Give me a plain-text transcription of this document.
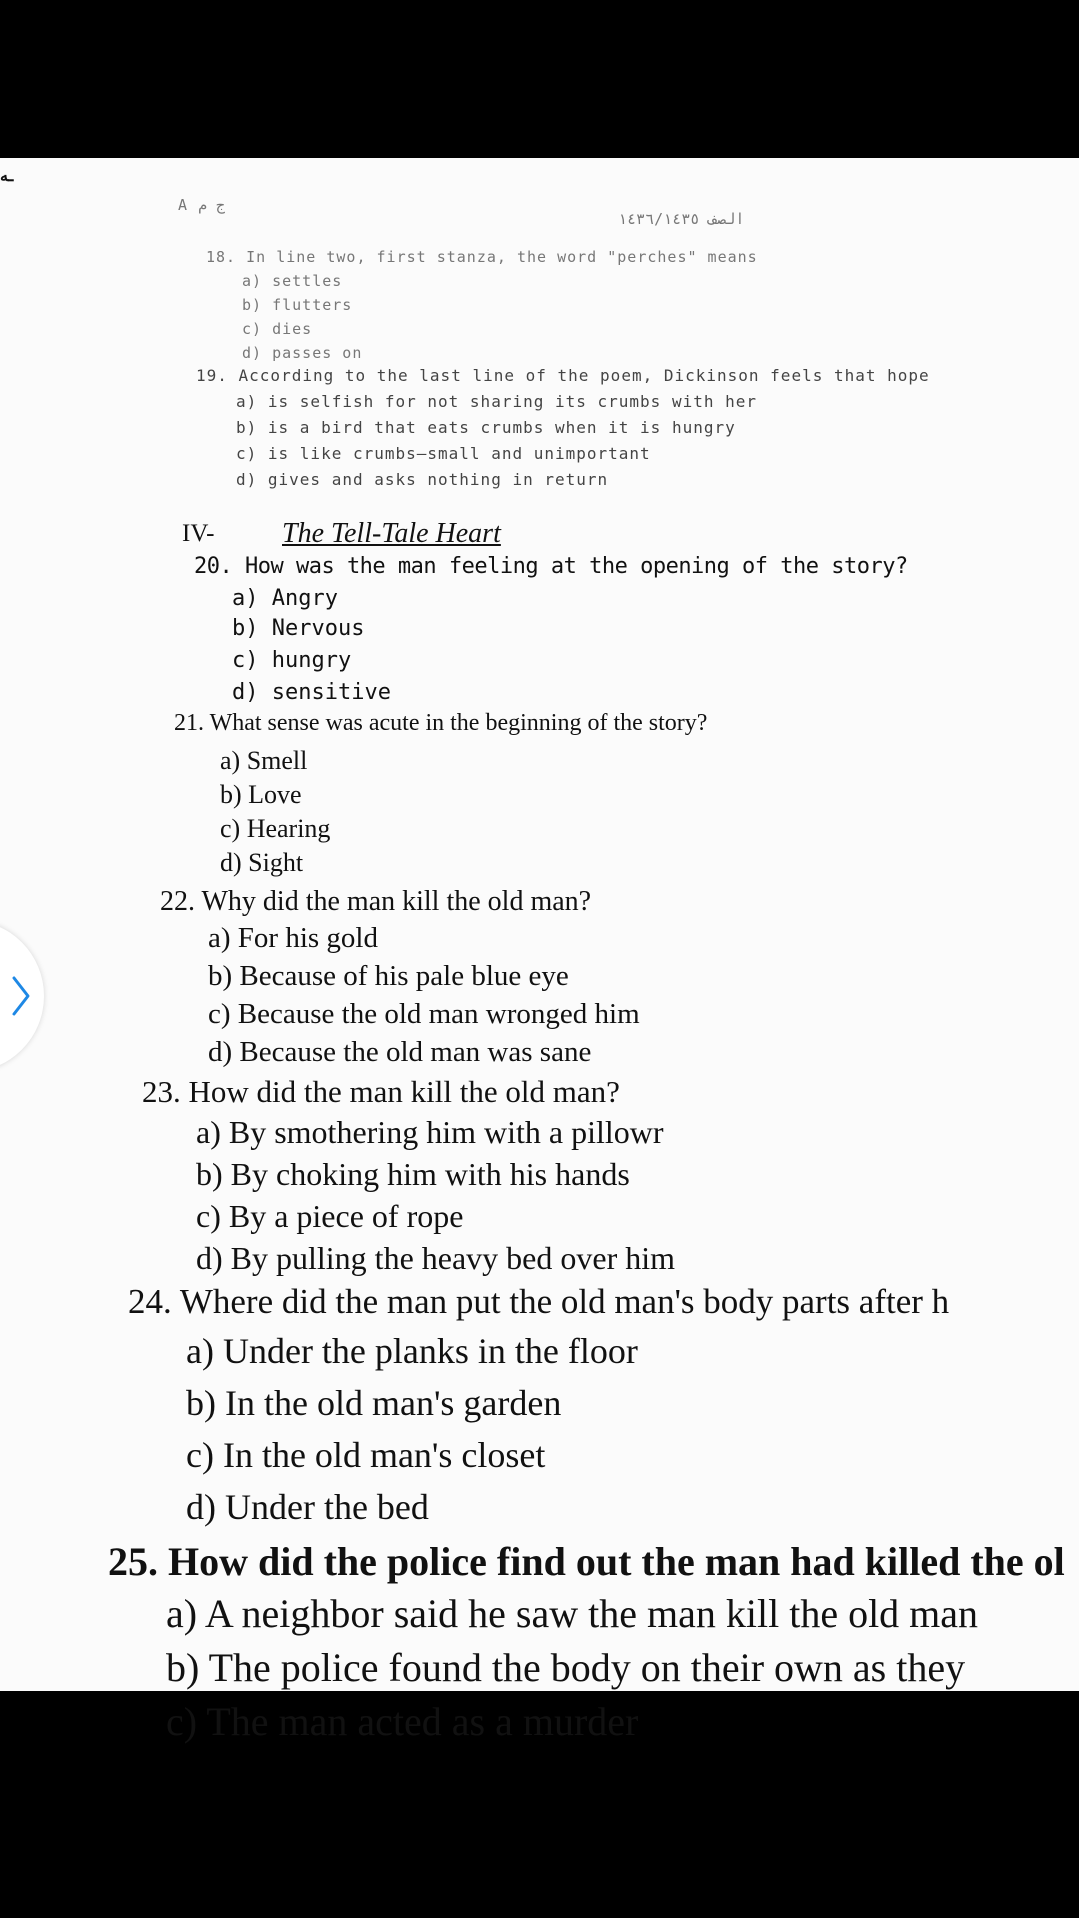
ـه
A ج م
الصف ١٤٣٦/١٤٣٥
18. In line two, first stanza, the word "perches" means
a) settles
b) flutters
c) dies
d) passes on
19. According to the last line of the poem, Dickinson feels that hope
a) is selfish for not sharing its crumbs with her
b) is a bird that eats crumbs when it is hungry
c) is like crumbs—small and unimportant
d) gives and asks nothing in return
IV- The Tell-Tale Heart
20. How was the man feeling at the opening of the story?
a) Angry
b) Nervous
c) hungry
d) sensitive
21. What sense was acute in the beginning of the story?
a) Smell
b) Love
c) Hearing
d) Sight
22. Why did the man kill the old man?
a) For his gold
b) Because of his pale blue eye
c) Because the old man wronged him
d) Because the old man was sane
23. How did the man kill the old man?
a) By smothering him with a pillowr
b) By choking him with his hands
c) By a piece of rope
d) By pulling the heavy bed over him
24. Where did the man put the old man's body parts after h
a) Under the planks in the floor
b) In the old man's garden
c) In the old man's closet
d) Under the bed
25. How did the police find out the man had killed the ol
a) A neighbor said he saw the man kill the old man
b) The police found the body on their own as they
c) The man acted as a murder
